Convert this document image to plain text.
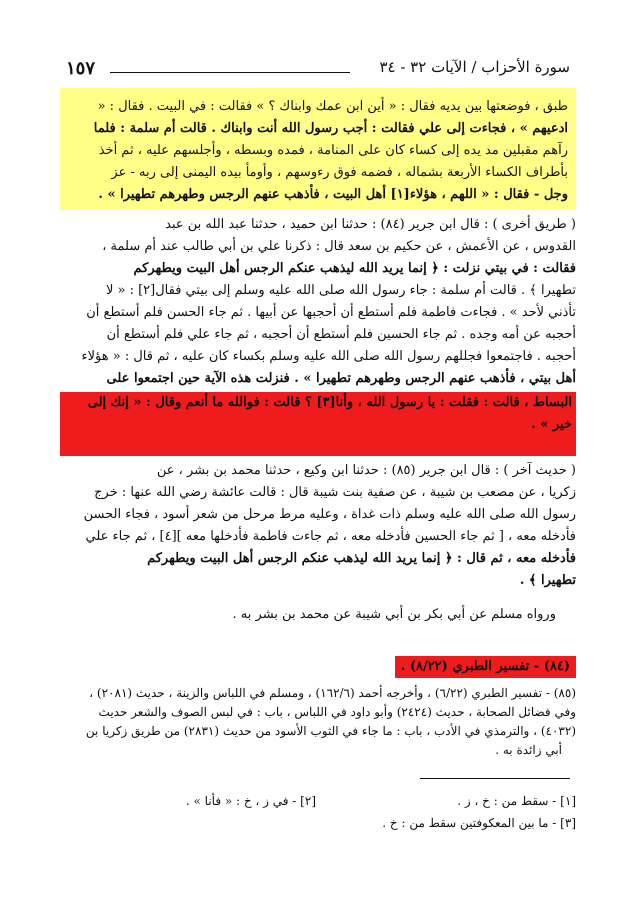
١٥٧	سورة الأحزاب / الآيات ٣٢ - ٣٤
طبق ، فوضعتها بين يديه فقال : « أين ابن عمك وابناك ؟ » فقالت : في البيت . فقال : «
ادعيهم » ، فجاءت إلى علي فقالت : أجب رسول الله أنت وابناك . قالت أم سلمة : فلما
رآهم مقبلين مد يده إلى كساء كان على المنامة ، فمده وبسطه ، وأجلسهم عليه ، ثم أخذ
بأطراف الكساء الأربعة بشماله ، فضمه فوق رءوسهم ، وأومأ بيده اليمنى إلى ربه - عز
وجل - فقال : « اللهم ، هؤلاء[١] أهل البيت ، فأذهب عنهم الرجس وطهرهم تطهيرا » .
( طريق أخرى ) : قال ابن جرير (٨٤) : حدثنا ابن حميد ، حدثنا عبد الله بن عبد
القدوس ، عن الأعمش ، عن حكيم بن سعد قال : ذكرنا علي بن أبي طالب عند أم سلمة ،
فقالت : في بيتي نزلت : ﴿ إنما يريد الله ليذهب عنكم الرجس أهل البيت ويطهركم
تطهيرا ﴾ . قالت أم سلمة : جاء رسول الله صلى الله عليه وسلم إلى بيتي فقال[٢] : « لا
تأذني لأحد » . فجاءت فاطمة فلم أستطع أن أحجبها عن أبيها . ثم جاء الحسن فلم أستطع أن
أحجبه عن أمه وجده . ثم جاء الحسين فلم أستطع أن أحجبه ، ثم جاء علي فلم أستطع أن
أحجبه . فاجتمعوا فجللهم رسول الله صلى الله عليه وسلم بكساء كان عليه ، ثم قال : « هؤلاء
أهل بيتي ، فأذهب عنهم الرجس وطهرهم تطهيرا » . فنزلت هذه الآية حين اجتمعوا على
البساط ، قالت : فقلت : يا رسول الله ، وأنا[٣] ؟ قالت : فوالله ما أنعم وقال : « إنك إلى
خير » .
( حديث آخر ) : قال ابن جرير (٨٥) : حدثنا ابن وكيع ، حدثنا محمد بن بشر ، عن
زكريا ، عن مصعب بن شيبة ، عن صفية بنت شيبة قال : قالت عائشة رضي الله عنها : خرج
رسول الله صلى الله عليه وسلم ذات غداة ، وعليه مرط مرحل من شعر أسود ، فجاء الحسن
فأدخله معه ، [ ثم جاء الحسين فأدخله معه ، ثم جاءت فاطمة فأدخلها معه ][٤] ، ثم جاء علي
فأدخله معه ، ثم قال : ﴿ إنما يريد الله ليذهب عنكم الرجس أهل البيت ويطهركم
تطهيرا ﴾ .
ورواه مسلم عن أبي بكر بن أبي شيبة عن محمد بن بشر به .
(٨٤) - تفسير الطبري (٨/٢٢) .
(٨٥) - تفسير الطبري (٦/٢٢) ، وأخرجه أحمد (١٦٢/٦) ، ومسلم في اللباس والزينة ، حديث (٢٠٨١) ،
وفي فضائل الصحابة ، حديث (٢٤٢٤) وأبو داود في اللباس ، باب : في لبس الصوف والشعر حديث
(٤٠٣٢) ، والترمذي في الأدب ، باب : ما جاء في الثوب الأسود من حديث (٢٨٣١) من طريق زكريا بن
أبي زائدة به .
[١] - سقط من : خ ، ز .
[٢] - في ز ، خ : « فأنا » .
[٣] - ما بين المعكوفتين سقط من : خ .
